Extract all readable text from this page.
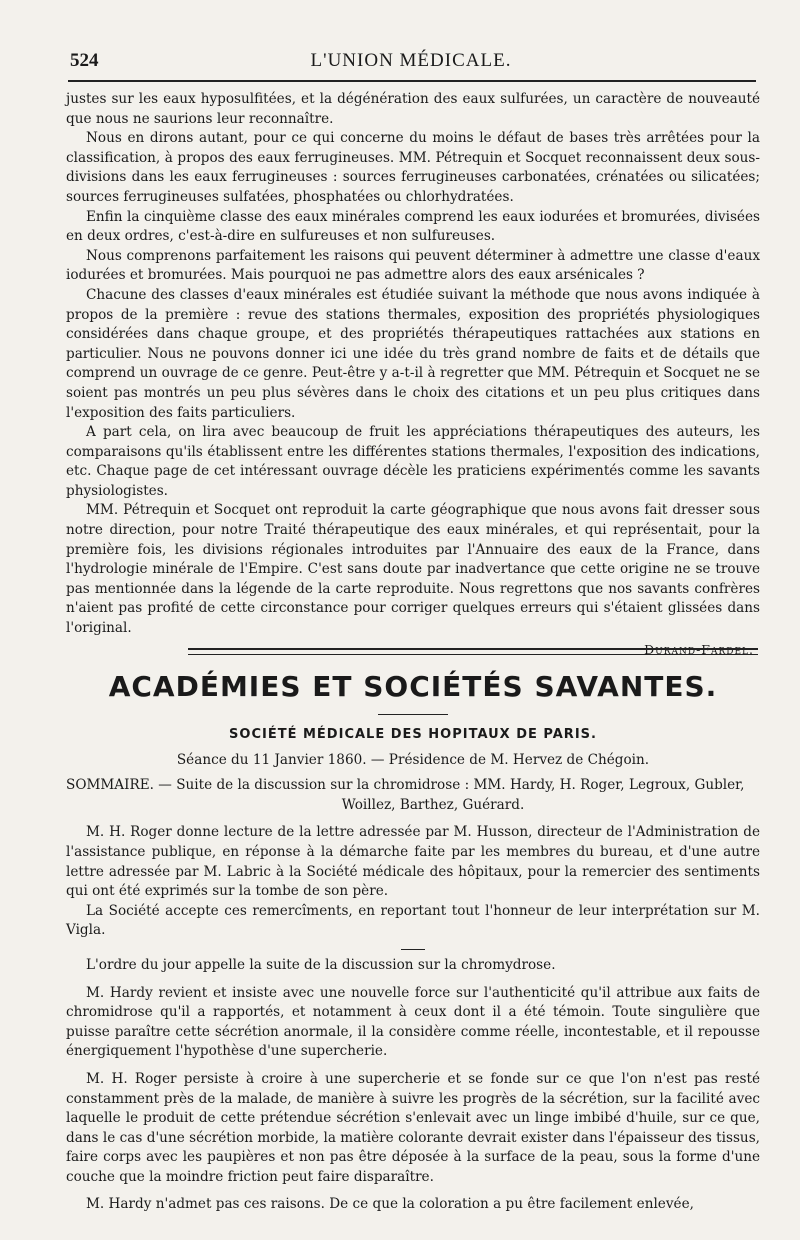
524	L'UNION MÉDICALE.

justes sur les eaux hyposulfitées, et la dégénération des eaux sulfurées, un caractère de nouveauté que nous ne saurions leur reconnaître.

Nous en dirons autant, pour ce qui concerne du moins le défaut de bases très arrêtées pour la classification, à propos des eaux ferrugineuses. MM. Pétrequin et Socquet reconnaissent deux sous-divisions dans les eaux ferrugineuses : sources ferrugineuses carbonatées, crénatées ou silicatées; sources ferrugineuses sulfatées, phosphatées ou chlorhydratées.

Enfin la cinquième classe des eaux minérales comprend les eaux iodurées et bromurées, divisées en deux ordres, c'est-à-dire en sulfureuses et non sulfureuses.

Nous comprenons parfaitement les raisons qui peuvent déterminer à admettre une classe d'eaux iodurées et bromurées. Mais pourquoi ne pas admettre alors des eaux arsénicales ?

Chacune des classes d'eaux minérales est étudiée suivant la méthode que nous avons indiquée à propos de la première : revue des stations thermales, exposition des propriétés physiologiques considérées dans chaque groupe, et des propriétés thérapeutiques rattachées aux stations en particulier. Nous ne pouvons donner ici une idée du très grand nombre de faits et de détails que comprend un ouvrage de ce genre. Peut-être y a-t-il à regretter que MM. Pétrequin et Socquet ne se soient pas montrés un peu plus sévères dans le choix des citations et un peu plus critiques dans l'exposition des faits particuliers.

A part cela, on lira avec beaucoup de fruit les appréciations thérapeutiques des auteurs, les comparaisons qu'ils établissent entre les différentes stations thermales, l'exposition des indications, etc. Chaque page de cet intéressant ouvrage décèle les praticiens expérimentés comme les savants physiologistes.

MM. Pétrequin et Socquet ont reproduit la carte géographique que nous avons fait dresser sous notre direction, pour notre Traité thérapeutique des eaux minérales, et qui représentait, pour la première fois, les divisions régionales introduites par l'Annuaire des eaux de la France, dans l'hydrologie minérale de l'Empire. C'est sans doute par inadvertance que cette origine ne se trouve pas mentionnée dans la légende de la carte reproduite. Nous regrettons que nos savants confrères n'aient pas profité de cette circonstance pour corriger quelques erreurs qui s'étaient glissées dans l'original.

Durand-Fardel.
ACADÉMIES ET SOCIÉTÉS SAVANTES.
SOCIÉTÉ MÉDICALE DES HOPITAUX DE PARIS.
Séance du 11 Janvier 1860. — Présidence de M. Hervez de Chégoin.
SOMMAIRE. — Suite de la discussion sur la chromidrose : MM. Hardy, H. Roger, Legroux, Gubler,
Woillez, Barthez, Guérard.

M. H. Roger donne lecture de la lettre adressée par M. Husson, directeur de l'Administration de l'assistance publique, en réponse à la démarche faite par les membres du bureau, et d'une autre lettre adressée par M. Labric à la Société médicale des hôpitaux, pour la remercier des sentiments qui ont été exprimés sur la tombe de son père.

La Société accepte ces remercîments, en reportant tout l'honneur de leur interprétation sur M. Vigla.

L'ordre du jour appelle la suite de la discussion sur la chromydrose.

M. Hardy revient et insiste avec une nouvelle force sur l'authenticité qu'il attribue aux faits de chromidrose qu'il a rapportés, et notamment à ceux dont il a été témoin. Toute singulière que puisse paraître cette sécrétion anormale, il la considère comme réelle, incontestable, et il repousse énergiquement l'hypothèse d'une supercherie.

M. H. Roger persiste à croire à une supercherie et se fonde sur ce que l'on n'est pas resté constamment près de la malade, de manière à suivre les progrès de la sécrétion, sur la facilité avec laquelle le produit de cette prétendue sécrétion s'enlevait avec un linge imbibé d'huile, sur ce que, dans le cas d'une sécrétion morbide, la matière colorante devrait exister dans l'épaisseur des tissus, faire corps avec les paupières et non pas être déposée à la surface de la peau, sous la forme d'une couche que la moindre friction peut faire disparaître.

M. Hardy n'admet pas ces raisons. De ce que la coloration a pu être facilement enlevée,
